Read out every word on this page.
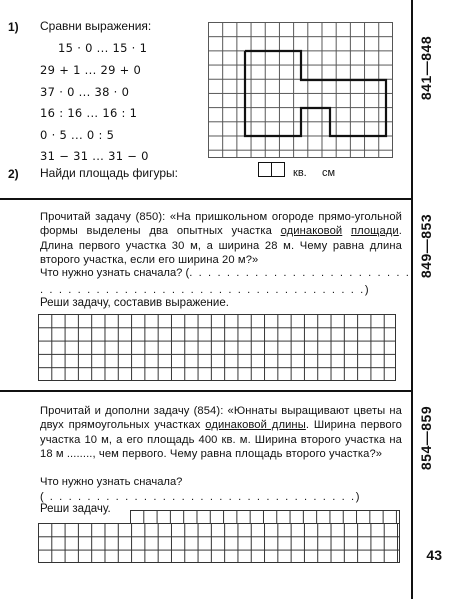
841—848
849—853
854—859
43
1) Сравни выражения:
15 · 0 ... 15 · 1
29 + 1 ... 29 + 0
37 · 0 ... 38 · 0
16 : 16 ... 16 : 1
0 · 5 ... 0 : 5
31 − 31 ... 31 − 0
2) Найди площадь фигуры:	кв. см
Прочитай задачу (850): «На пришкольном огороде прямо-угольной формы выделены два опытных участка одинаковой площади. Длина первого участка 30 м, а ширина 28 м. Чему равна длина второго участка, если его ширина 20 м?»
Что нужно узнать сначала? (. . . . . . . . . . . . . . . . . . . . . . . .
. . . . . . . . . . . . . . . . . . . . . . . . . . . . . . . . . . .)
Реши задачу, составив выражение.
Прочитай и дополни задачу (854): «Юннаты выращивают цветы на двух прямоугольных участках одинаковой длины. Ширина первого участка 10 м, а его площадь 400 кв. м. Ширина второго участка на 18 м ........, чем первого. Чему равна площадь второго участка?»
Что нужно узнать сначала?
( . . . . . . . . . . . . . . . . . . . . . . . . . . . . . . . . .)
Реши задачу.
